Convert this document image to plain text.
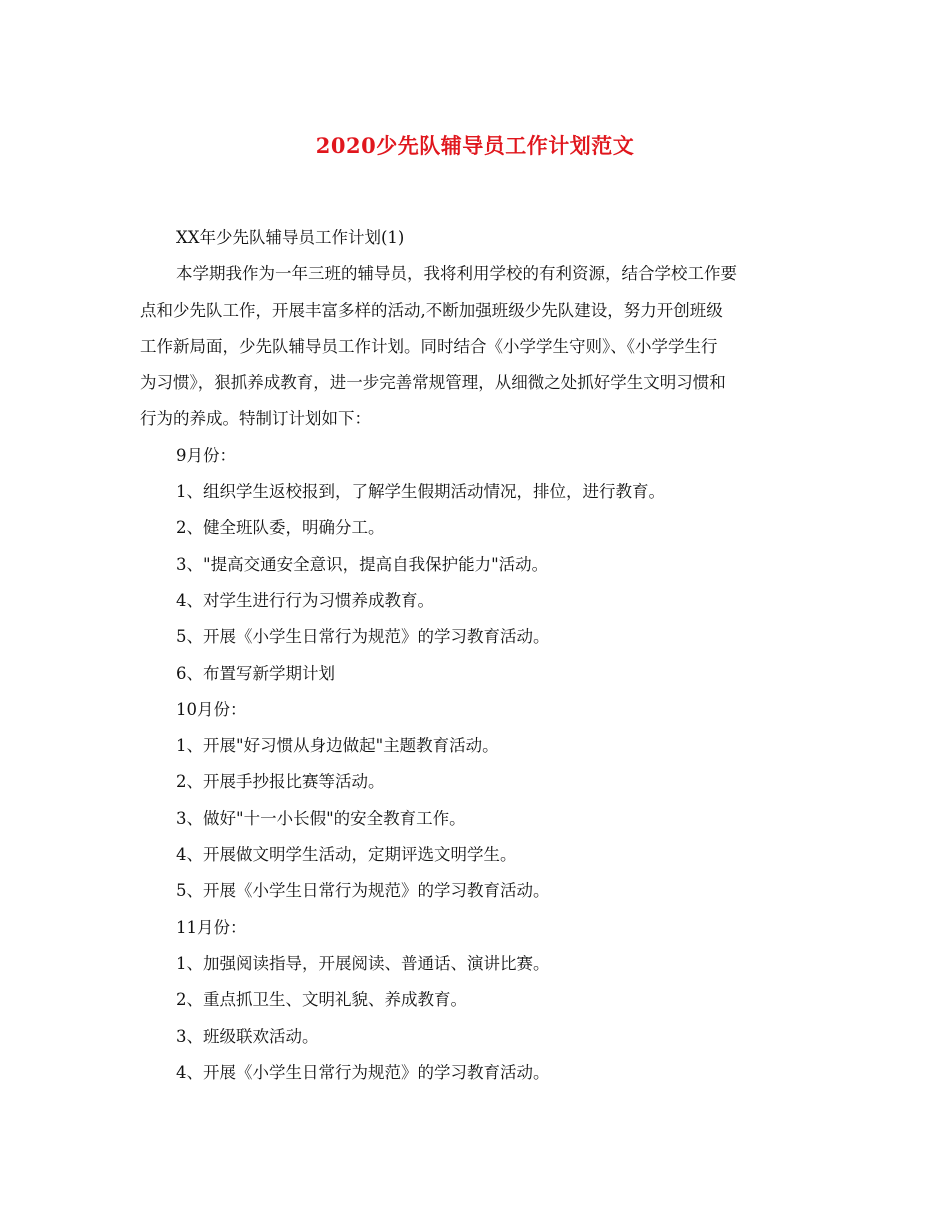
2020少先队辅导员工作计划范文

XX年少先队辅导员工作计划(1)

本学期我作为一年三班的辅导员，我将利用学校的有利资源，结合学校工作要

点和少先队工作，开展丰富多样的活动,不断加强班级少先队建设，努力开创班级

工作新局面，少先队辅导员工作计划。同时结合《小学学生守则》、《小学学生行

为习惯》，狠抓养成教育，进一步完善常规管理，从细微之处抓好学生文明习惯和

行为的养成。特制订计划如下：

9月份：

1、组织学生返校报到，了解学生假期活动情况，排位，进行教育。

2、健全班队委，明确分工。

3、"提高交通安全意识，提高自我保护能力"活动。

4、对学生进行行为习惯养成教育。

5、开展《小学生日常行为规范》的学习教育活动。

6、布置写新学期计划

10月份：

1、开展"好习惯从身边做起"主题教育活动。

2、开展手抄报比赛等活动。

3、做好"十一小长假"的安全教育工作。

4、开展做文明学生活动，定期评选文明学生。

5、开展《小学生日常行为规范》的学习教育活动。

11月份：

1、加强阅读指导，开展阅读、普通话、演讲比赛。

2、重点抓卫生、文明礼貌、养成教育。

3、班级联欢活动。

4、开展《小学生日常行为规范》的学习教育活动。
